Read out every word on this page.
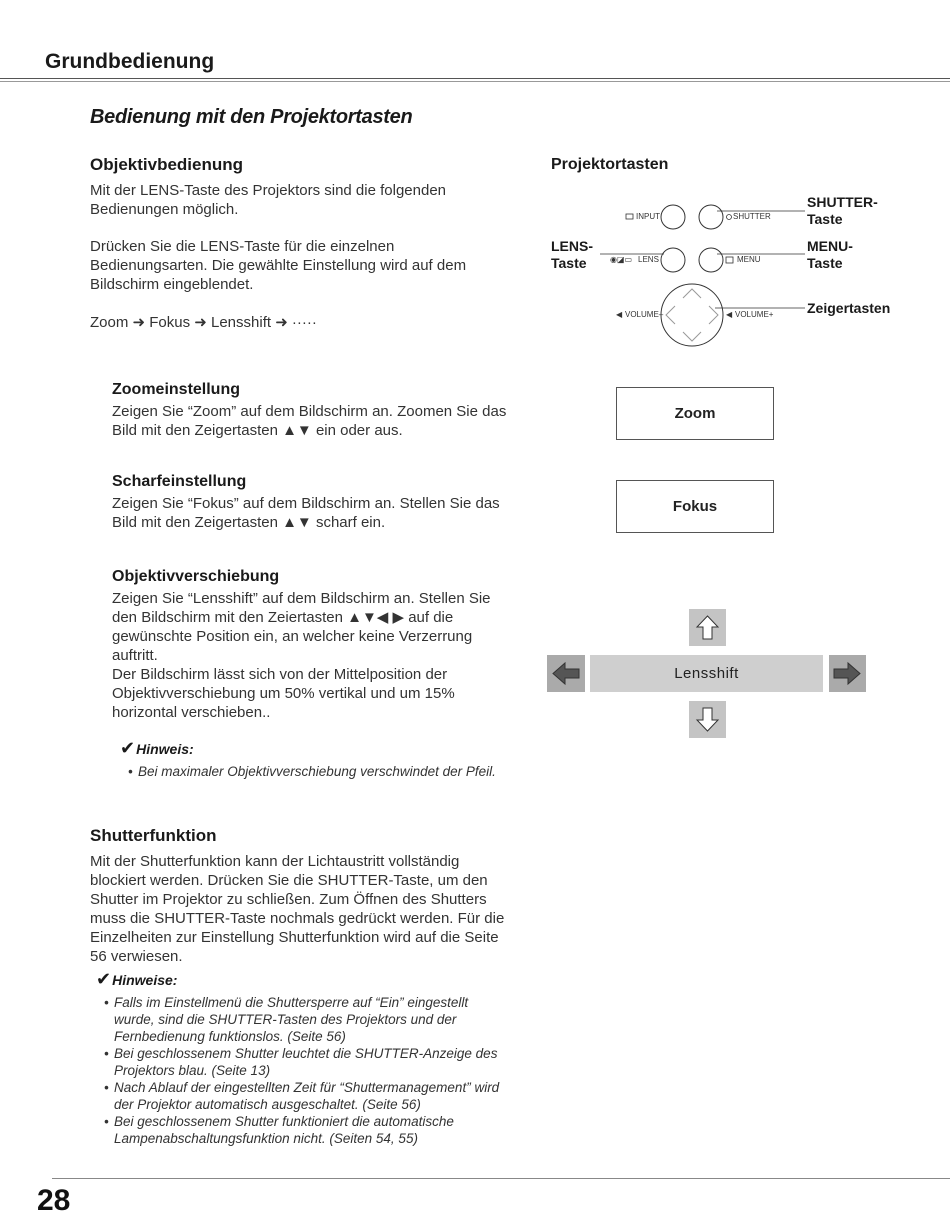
Grundbedienung
Bedienung mit den Projektortasten
Objektivbedienung
Mit der LENS-Taste des Projektors sind die folgenden Bedienungen möglich.
Drücken Sie die LENS-Taste für die einzelnen Bedienungsarten. Die gewählte Einstellung wird auf dem Bildschirm eingeblendet.
Zoom ➜ Fokus ➜ Lensshift ➜ ·····
Zoomeinstellung
Zeigen Sie “Zoom” auf dem Bildschirm an. Zoomen Sie das Bild mit den Zeigertasten ▲▼ ein oder aus.
Scharfeinstellung
Zeigen Sie “Fokus” auf dem Bildschirm an. Stellen Sie das Bild mit den Zeigertasten ▲▼ scharf ein.
Objektivverschiebung
Zeigen Sie “Lensshift” auf dem Bildschirm an. Stellen Sie den Bildschirm mit den Zeiertasten ▲▼◀ ▶ auf die gewünschte Position ein, an welcher keine Verzerrung auftritt.
Der Bildschirm lässt sich von der Mittelposition der Objektivverschiebung um 50% vertikal und um 15% horizontal verschieben..
✔Hinweis:
• Bei maximaler Objektivverschiebung verschwindet der Pfeil.
Shutterfunktion
Mit der Shutterfunktion kann der Lichtaustritt vollständig blockiert werden. Drücken Sie die SHUTTER-Taste, um den Shutter im Projektor zu schließen. Zum Öffnen des Shutters muss die SHUTTER-Taste nochmals gedrückt werden. Für die Einzelheiten zur Einstellung Shutterfunktion wird auf die Seite 56 verwiesen.
✔Hinweise:
• Falls im Einstellmenü die Shuttersperre auf “Ein” eingestellt wurde, sind die SHUTTER-Tasten des Projektors und der Fernbedienung funktionslos. (Seite 56)
• Bei geschlossenem Shutter leuchtet die SHUTTER-Anzeige des Projektors blau. (Seite 13)
• Nach Ablauf der eingestellten Zeit für “Shuttermanagement” wird der Projektor automatisch ausgeschaltet. (Seite 56)
• Bei geschlossenem Shutter funktioniert die automatische Lampenabschaltungsfunktion nicht. (Seiten 54, 55)
Projektortasten
INPUT	SHUTTER
◉◪▭ LENS	MENU
◀ VOLUME–	◀ VOLUME+
SHUTTER-
Taste
MENU-
Taste
LENS-
Taste
Zeigertasten
Zoom
Fokus
Lensshift
28
